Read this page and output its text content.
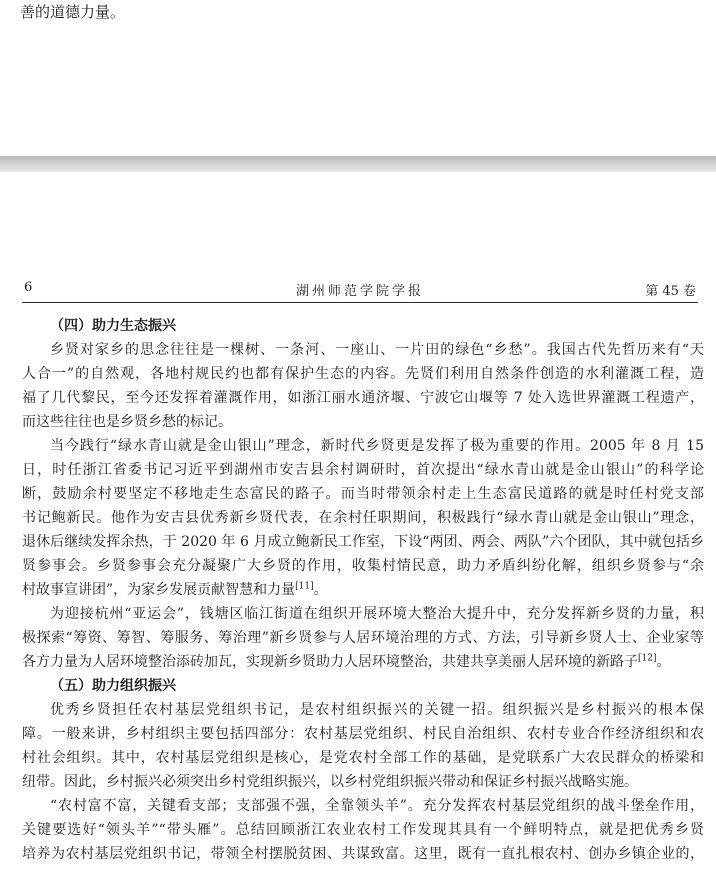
善的道德力量。

6	湖州师范学院学报	第 45 卷
（四）助力生态振兴
乡贤对家乡的思念往往是一棵树、一条河、一座山、一片田的绿色“乡愁”。我国古代先哲历来有“天
人合一”的自然观，各地村规民约也都有保护生态的内容。先贤们利用自然条件创造的水利灌溉工程，造
福了几代黎民，至今还发挥着灌溉作用，如浙江丽水通济堰、宁波它山堰等 7 处入选世界灌溉工程遗产，
而这些往往也是乡贤乡愁的标记。
当今践行“绿水青山就是金山银山”理念，新时代乡贤更是发挥了极为重要的作用。2005 年 8 月 15
日，时任浙江省委书记习近平到湖州市安吉县余村调研时，首次提出“绿水青山就是金山银山”的科学论
断，鼓励余村要坚定不移地走生态富民的路子。而当时带领余村走上生态富民道路的就是时任村党支部
书记鲍新民。他作为安吉县优秀新乡贤代表，在余村任职期间，积极践行“绿水青山就是金山银山”理念，
退休后继续发挥余热，于 2020 年 6 月成立鲍新民工作室，下设“两团、两会、两队”六个团队，其中就包括乡
贤参事会。乡贤参事会充分凝聚广大乡贤的作用，收集村情民意，助力矛盾纠纷化解，组织乡贤参与“余
村故事宣讲团”，为家乡发展贡献智慧和力量[11]。
为迎接杭州“亚运会”，钱塘区临江街道在组织开展环境大整治大提升中，充分发挥新乡贤的力量，积
极探索“筹资、筹智、筹服务、筹治理”新乡贤参与人居环境治理的方式、方法，引导新乡贤人士、企业家等
各方力量为人居环境整治添砖加瓦，实现新乡贤助力人居环境整治，共建共享美丽人居环境的新路子[12]。
（五）助力组织振兴
优秀乡贤担任农村基层党组织书记，是农村组织振兴的关键一招。组织振兴是乡村振兴的根本保
障。一般来讲，乡村组织主要包括四部分：农村基层党组织、村民自治组织、农村专业合作经济组织和农
村社会组织。其中，农村基层党组织是核心，是党农村全部工作的基础，是党联系广大农民群众的桥梁和
纽带。因此，乡村振兴必须突出乡村党组织振兴，以乡村党组织振兴带动和保证乡村振兴战略实施。
“农村富不富，关键看支部；支部强不强，全靠领头羊”。充分发挥农村基层党组织的战斗堡垒作用，
关键要选好“领头羊”“带头雁”。总结回顾浙江农业农村工作发现其具有一个鲜明特点，就是把优秀乡贤
培养为农村基层党组织书记，带领全村摆脱贫困、共谋致富。这里，既有一直扎根农村、创办乡镇企业的，
